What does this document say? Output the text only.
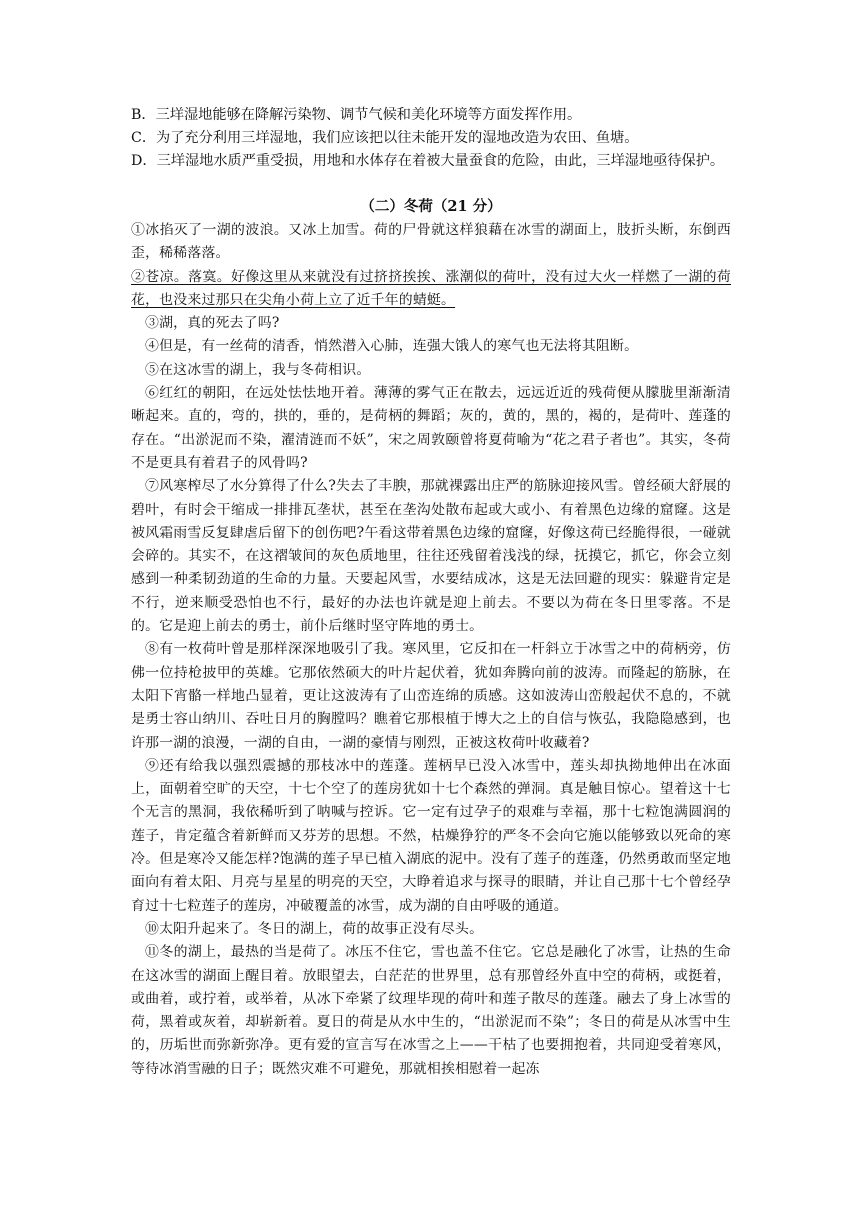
B．三垟湿地能够在降解污染物、调节气候和美化环境等方面发挥作用。

C．为了充分利用三垟湿地，我们应该把以往未能开发的湿地改造为农田、鱼塘。

D．三垟湿地水质严重受损，用地和水体存在着被大量蚕食的危险，由此，三垟湿地亟待保护。

（二）冬荷（21 分）

①冰掐灭了一湖的波浪。又冰上加雪。荷的尸骨就这样狼藉在冰雪的湖面上，肢折头断，东倒西歪，稀稀落落。

②苍凉。落寞。好像这里从来就没有过挤挤挨挨、涨潮似的荷叶，没有过大火一样燃了一湖的荷花，也没来过那只在尖角小荷上立了近千年的蜻蜓。

③湖，真的死去了吗?

④但是，有一丝荷的清香，悄然潜入心肺，连强大饿人的寒气也无法将其阻断。

⑤在这冰雪的湖上，我与冬荷相识。

⑥红红的朝阳，在远处怯怯地开着。薄薄的雾气正在散去，远远近近的残荷便从朦胧里渐渐清晰起来。直的，弯的，拱的，垂的，是荷柄的舞蹈；灰的，黄的，黑的，褐的，是荷叶、莲蓬的存在。“出淤泥而不染，濯清涟而不妖”，宋之周敦颐曾将夏荷喻为“花之君子者也”。其实，冬荷不是更具有着君子的风骨吗?

⑦风寒榨尽了水分算得了什么?失去了丰腴，那就裸露出庄严的筋脉迎接风雪。曾经硕大舒展的碧叶，有时会干缩成一排排瓦垄状，甚至在垄沟处散布起或大或小、有着黑色边缘的窟窿。这是被风霜雨雪反复肆虐后留下的创伤吧?午看这带着黑色边缘的窟窿，好像这荷已经脆得很，一碰就会碎的。其实不，在这褶皱间的灰色质地里，往往还残留着浅浅的绿，抚摸它，抓它，你会立刻感到一种柔韧劲道的生命的力量。天要起风雪，水要结成冰，这是无法回避的现实：躲避肯定是不行，逆来顺受恐怕也不行，最好的办法也许就是迎上前去。不要以为荷在冬日里零落。不是的。它是迎上前去的勇士，前仆后继时坚守阵地的勇士。

⑧有一枚荷叶曾是那样深深地吸引了我。寒风里，它反扣在一杆斜立于冰雪之中的荷柄旁，仿佛一位持枪披甲的英雄。它那依然硕大的叶片起伏着，犹如奔腾向前的波涛。而隆起的筋脉，在太阳下宵骼一样地凸显着，更让这波涛有了山峦连绵的质感。这如波涛山峦般起伏不息的，不就是勇士容山纳川、吞吐日月的胸膛吗？瞧着它那根植于博大之上的自信与恢弘，我隐隐感到，也许那一湖的浪漫，一湖的自由，一湖的豪情与刚烈，正被这枚荷叶收藏着?

⑨还有给我以强烈震撼的那枝冰中的莲蓬。莲柄早已没入冰雪中，莲头却执拗地伸出在冰面上，面朝着空旷的天空，十七个空了的莲房犹如十七个森然的弹洞。真是触目惊心。望着这十七个无言的黑洞，我依稀听到了呐喊与控诉。它一定有过孕子的艰难与幸福，那十七粒饱满圆润的莲子，肯定蕴含着新鲜而又芬芳的思想。不然，枯燥狰狞的严冬不会向它施以能够致以死命的寒冷。但是寒冷又能怎样?饱满的莲子早已植入湖底的泥中。没有了莲子的莲蓬，仍然勇敢而坚定地面向有着太阳、月亮与星星的明亮的天空，大睁着追求与探寻的眼睛，并让自己那十七个曾经孕育过十七粒莲子的莲房，冲破覆盖的冰雪，成为湖的自由呼吸的通道。

⑩太阳升起来了。冬日的湖上，荷的故事正没有尽头。

⑪冬的湖上，最热的当是荷了。冰压不住它，雪也盖不住它。它总是融化了冰雪，让热的生命在这冰雪的湖面上醒目着。放眼望去，白茫茫的世界里，总有那曾经外直中空的荷柄，或挺着，或曲着，或拧着，或举着，从冰下牵紧了纹理毕现的荷叶和莲子散尽的莲蓬。融去了身上冰雪的荷，黑着或灰着，却崭新着。夏日的荷是从水中生的，“出淤泥而不染”；冬日的荷是从冰雪中生的，历垢世而弥新弥净。更有爱的宣言写在冰雪之上——干枯了也要拥抱着，共同迎受着寒风，等待冰消雪融的日子；既然灾难不可避免，那就相挨相慰着一起冻
